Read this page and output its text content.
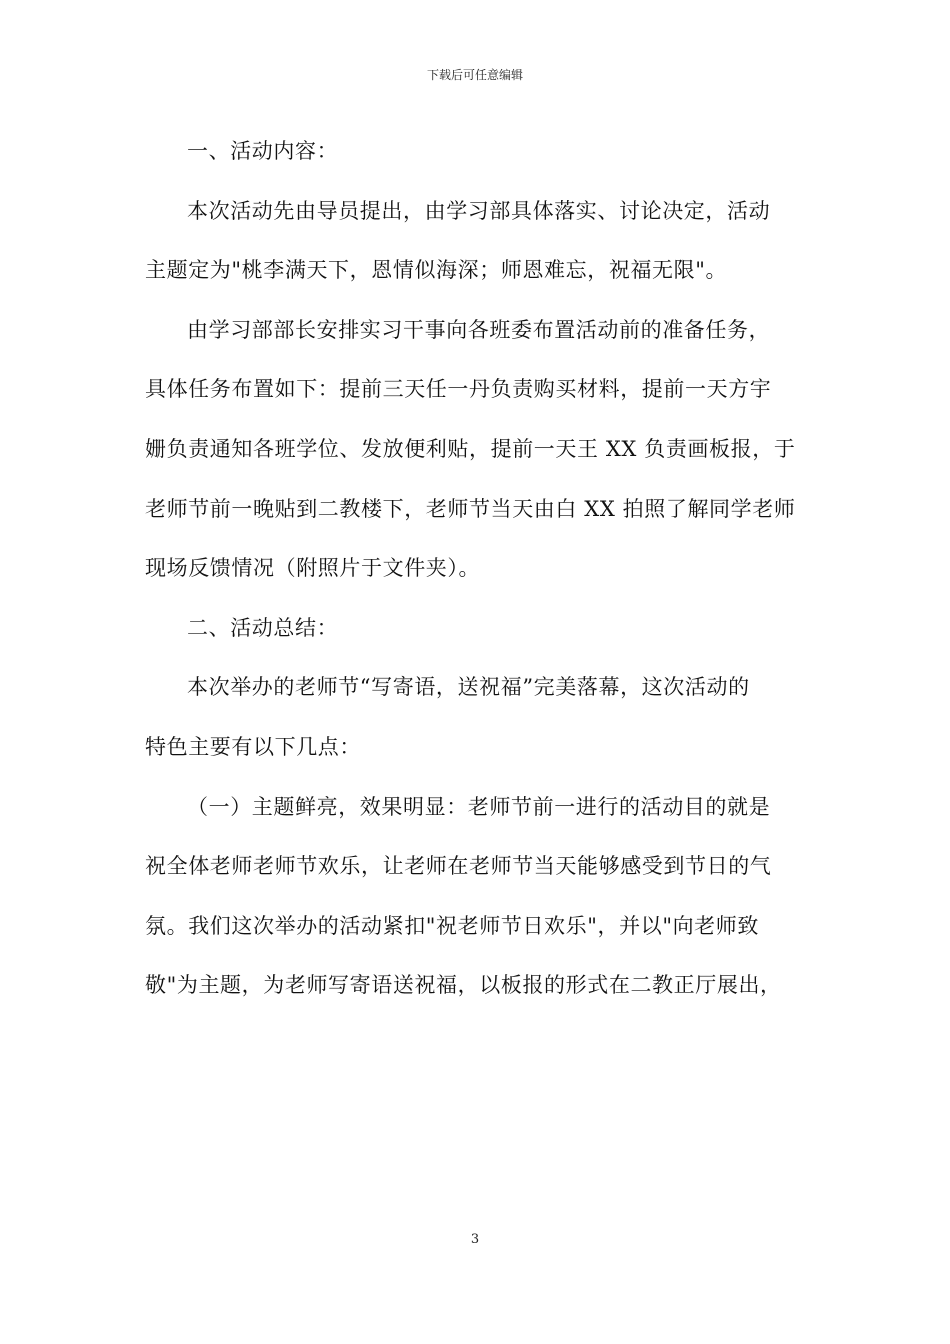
下载后可任意编辑
一、活动内容：
本次活动先由导员提出，由学习部具体落实、讨论决定，活动
主题定为"桃李满天下，恩情似海深；师恩难忘，祝福无限"。
由学习部部长安排实习干事向各班委布置活动前的准备任务，
具体任务布置如下：提前三天任一丹负责购买材料，提前一天方宇
姗负责通知各班学位、发放便利贴，提前一天王 XX 负责画板报，于
老师节前一晚贴到二教楼下，老师节当天由白 XX 拍照了解同学老师
现场反馈情况（附照片于文件夹）。
二、活动总结：
本次举办的老师节“写寄语，送祝福”完美落幕，这次活动的
特色主要有以下几点：
（一）主题鲜亮，效果明显：老师节前一进行的活动目的就是
祝全体老师老师节欢乐，让老师在老师节当天能够感受到节日的气
氛。我们这次举办的活动紧扣"祝老师节日欢乐"，并以"向老师致
敬"为主题，为老师写寄语送祝福，以板报的形式在二教正厅展出，
3
